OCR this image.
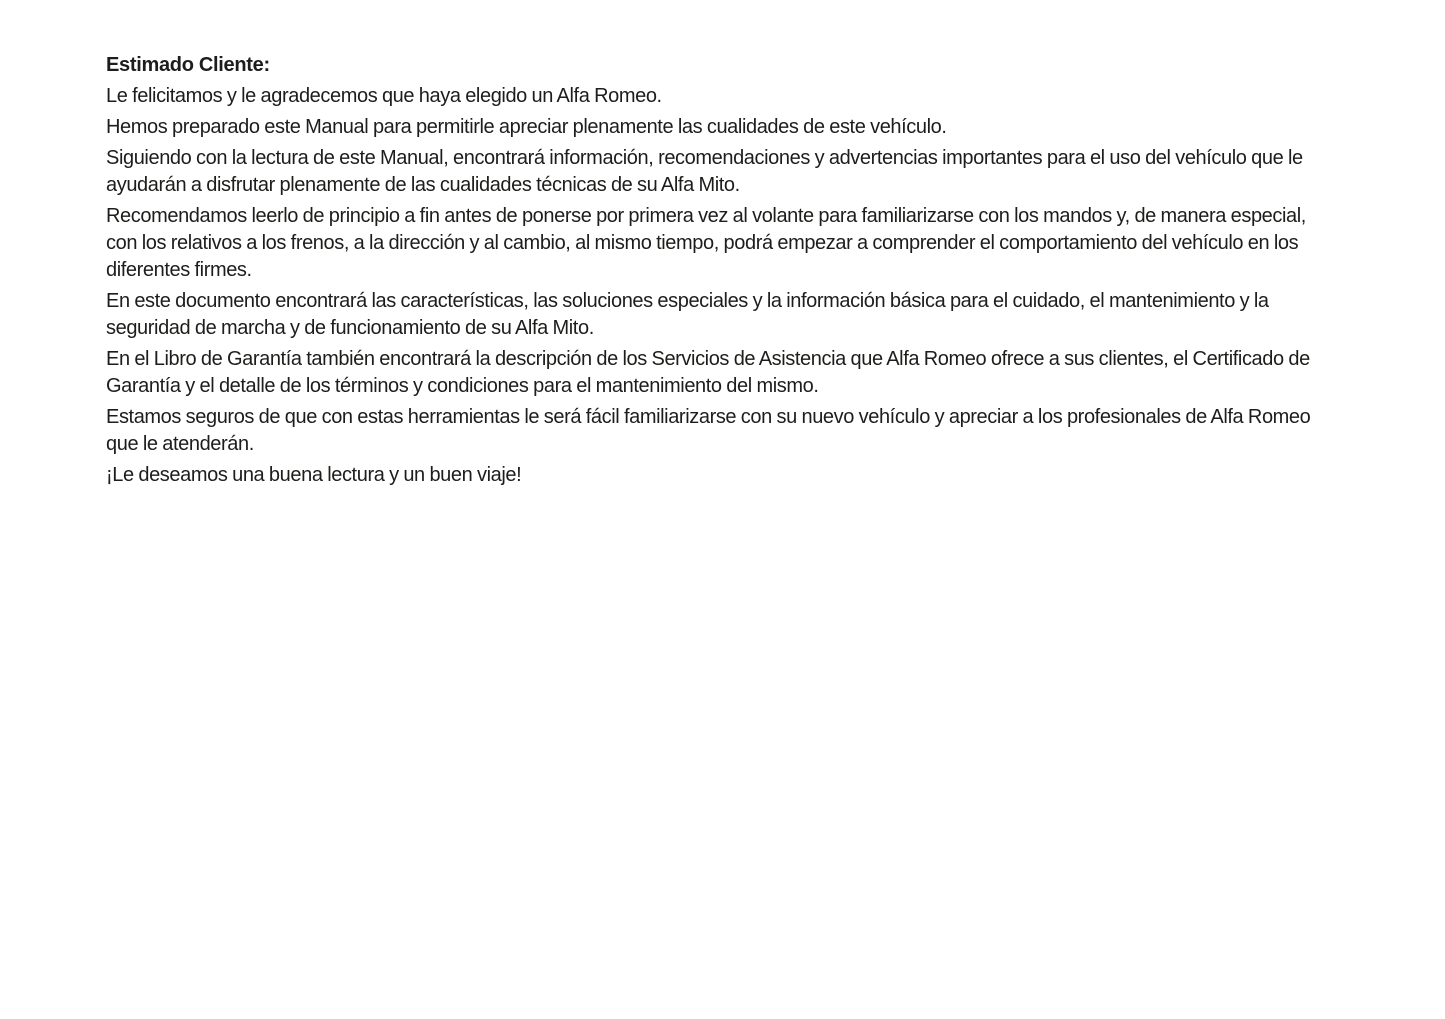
Estimado Cliente:
Le felicitamos y le agradecemos que haya elegido un Alfa Romeo.
Hemos preparado este Manual para permitirle apreciar plenamente las cualidades de este vehículo.
Siguiendo con la lectura de este Manual, encontrará información, recomendaciones y advertencias importantes para el uso del vehículo que le ayudarán a disfrutar plenamente de las cualidades técnicas de su Alfa Mito.
Recomendamos leerlo de principio a fin antes de ponerse por primera vez al volante para familiarizarse con los mandos y, de manera especial, con los relativos a los frenos, a la dirección y al cambio, al mismo tiempo, podrá empezar a comprender el comportamiento del vehículo en los diferentes firmes.
En este documento encontrará las características, las soluciones especiales y la información básica para el cuidado, el mantenimiento y la seguridad de marcha y de funcionamiento de su Alfa Mito.
En el Libro de Garantía también encontrará la descripción de los Servicios de Asistencia que Alfa Romeo ofrece a sus clientes, el Certificado de Garantía y el detalle de los términos y condiciones para el mantenimiento del mismo.
Estamos seguros de que con estas herramientas le será fácil familiarizarse con su nuevo vehículo y apreciar a los profesionales de Alfa Romeo que le atenderán.
¡Le deseamos una buena lectura y un buen viaje!
